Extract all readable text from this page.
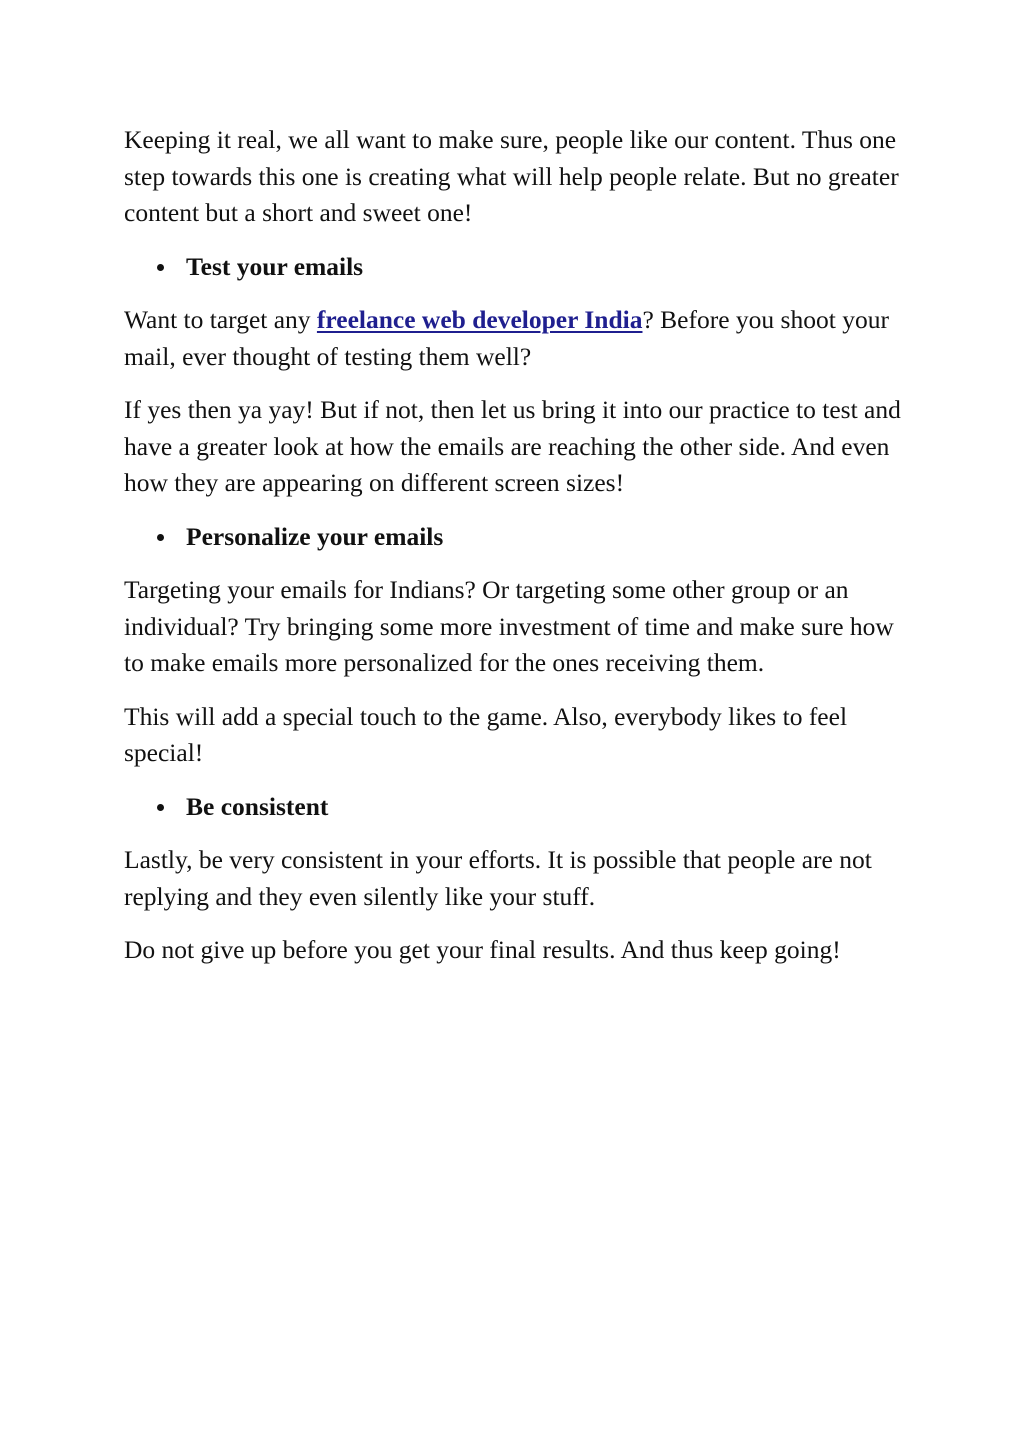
Keeping it real, we all want to make sure, people like our content. Thus one step towards this one is creating what will help people relate. But no greater content but a short and sweet one!

Test your emails

Want to target any freelance web developer India? Before you shoot your mail, ever thought of testing them well?

If yes then ya yay! But if not, then let us bring it into our practice to test and have a greater look at how the emails are reaching the other side. And even how they are appearing on different screen sizes!

Personalize your emails

Targeting your emails for Indians? Or targeting some other group or an individual? Try bringing some more investment of time and make sure how to make emails more personalized for the ones receiving them.

This will add a special touch to the game. Also, everybody likes to feel special!

Be consistent

Lastly, be very consistent in your efforts. It is possible that people are not replying and they even silently like your stuff.

Do not give up before you get your final results. And thus keep going!
